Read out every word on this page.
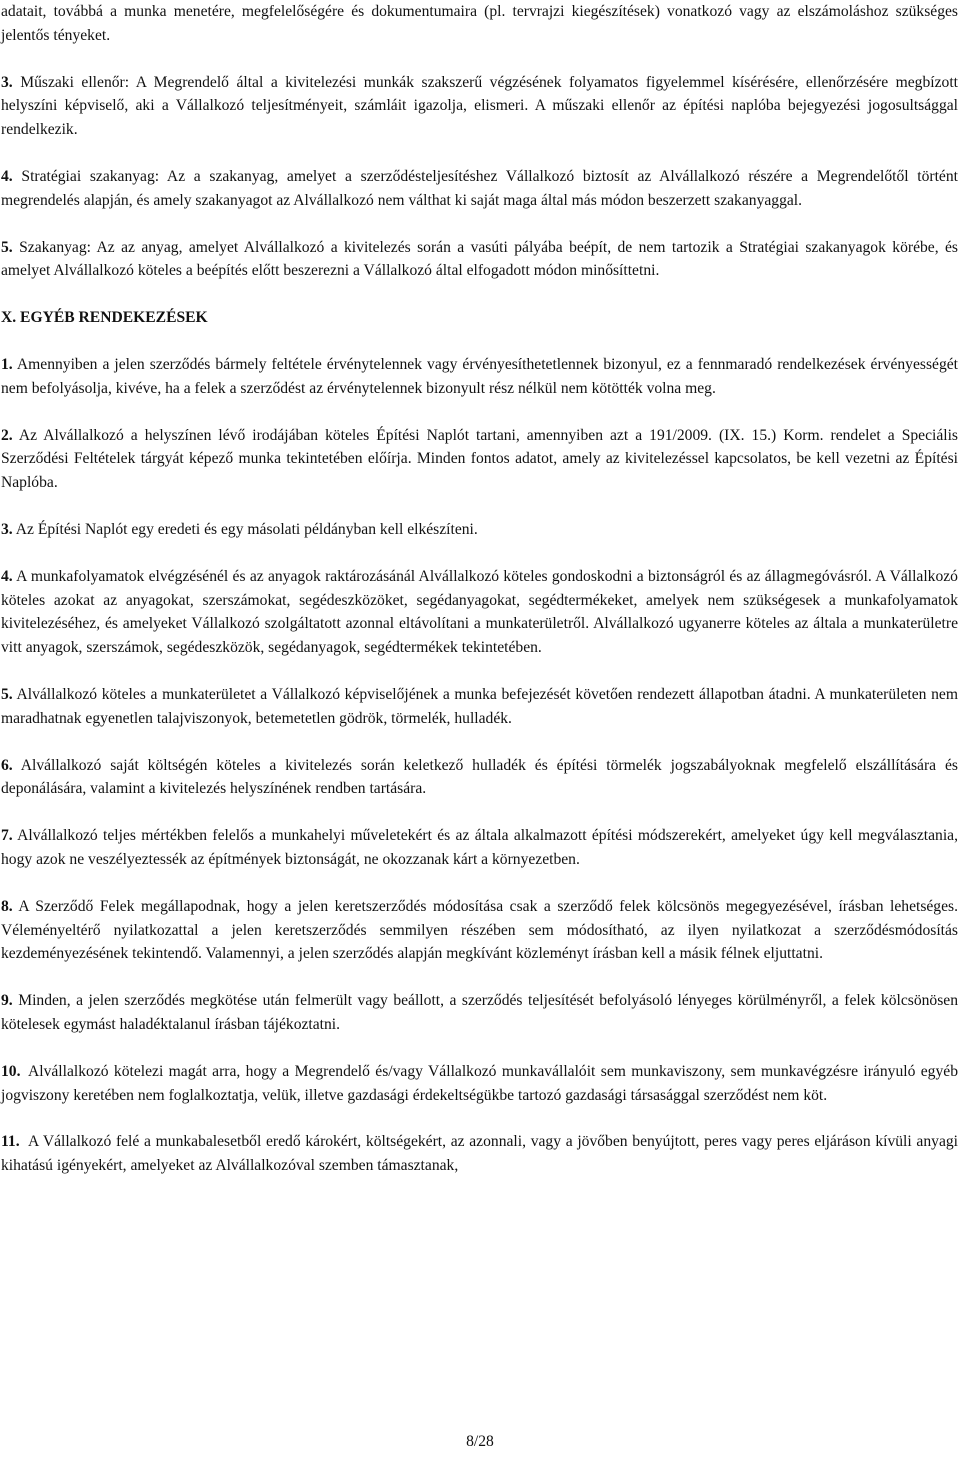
adatait, továbbá a munka menetére, megfelelőségére és dokumentumaira (pl. tervrajzi kiegészítések) vonatkozó vagy az elszámoláshoz szükséges jelentős tényeket.

3. Műszaki ellenőr: A Megrendelő által a kivitelezési munkák szakszerű végzésének folyamatos figyelemmel kísérésére, ellenőrzésére megbízott helyszíni képviselő, aki a Vállalkozó teljesítményeit, számláit igazolja, elismeri. A műszaki ellenőr az építési naplóba bejegyezési jogosultsággal rendelkezik.

4. Stratégiai szakanyag: Az a szakanyag, amelyet a szerződésteljesítéshez Vállalkozó biztosít az Alvállalkozó részére a Megrendelőtől történt megrendelés alapján, és amely szakanyagot az Alvállalkozó nem válthat ki saját maga által más módon beszerzett szakanyaggal.

5. Szakanyag: Az az anyag, amelyet Alvállalkozó a kivitelezés során a vasúti pályába beépít, de nem tartozik a Stratégiai szakanyagok körébe, és amelyet Alvállalkozó köteles a beépítés előtt beszerezni a Vállalkozó által elfogadott módon minősíttetni.

X. EGYÉB RENDEKEZÉSEK

1. Amennyiben a jelen szerződés bármely feltétele érvénytelennek vagy érvényesíthetetlennek bizonyul, ez a fennmaradó rendelkezések érvényességét nem befolyásolja, kivéve, ha a felek a szerződést az érvénytelennek bizonyult rész nélkül nem kötötték volna meg.

2. Az Alvállalkozó a helyszínen lévő irodájában köteles Építési Naplót tartani, amennyiben azt a 191/2009. (IX. 15.) Korm. rendelet a Speciális Szerződési Feltételek tárgyát képező munka tekintetében előírja. Minden fontos adatot, amely az kivitelezéssel kapcsolatos, be kell vezetni az Építési Naplóba.

3. Az Építési Naplót egy eredeti és egy másolati példányban kell elkészíteni.

4. A munkafolyamatok elvégzésénél és az anyagok raktározásánál Alvállalkozó köteles gondoskodni a biztonságról és az állagmegóvásról. A Vállalkozó köteles azokat az anyagokat, szerszámokat, segédeszközöket, segédanyagokat, segédtermékeket, amelyek nem szükségesek a munkafolyamatok kivitelezéséhez, és amelyeket Vállalkozó szolgáltatott azonnal eltávolítani a munkaterületről. Alvállalkozó ugyanerre köteles az általa a munkaterületre vitt anyagok, szerszámok, segédeszközök, segédanyagok, segédtermékek tekintetében.

5. Alvállalkozó köteles a munkaterületet a Vállalkozó képviselőjének a munka befejezését követően rendezett állapotban átadni. A munkaterületen nem maradhatnak egyenetlen talajviszonyok, betemetetlen gödrök, törmelék, hulladék.

6. Alvállalkozó saját költségén köteles a kivitelezés során keletkező hulladék és építési törmelék jogszabályoknak megfelelő elszállítására és deponálására, valamint a kivitelezés helyszínének rendben tartására.

7. Alvállalkozó teljes mértékben felelős a munkahelyi műveletekért és az általa alkalmazott építési módszerekért, amelyeket úgy kell megválasztania, hogy azok ne veszélyeztessék az építmények biztonságát, ne okozzanak kárt a környezetben.

8. A Szerződő Felek megállapodnak, hogy a jelen keretszerződés módosítása csak a szerződő felek kölcsönös megegyezésével, írásban lehetséges. Véleményeltérő nyilatkozattal a jelen keretszerződés semmilyen részében sem módosítható, az ilyen nyilatkozat a szerződésmódosítás kezdeményezésének tekintendő. Valamennyi, a jelen szerződés alapján megkívánt közleményt írásban kell a másik félnek eljuttatni.

9. Minden, a jelen szerződés megkötése után felmerült vagy beállott, a szerződés teljesítését befolyásoló lényeges körülményről, a felek kölcsönösen kötelesek egymást haladéktalanul írásban tájékoztatni.

10. Alvállalkozó kötelezi magát arra, hogy a Megrendelő és/vagy Vállalkozó munkavállalóit sem munkaviszony, sem munkavégzésre irányuló egyéb jogviszony keretében nem foglalkoztatja, velük, illetve gazdasági érdekeltségükbe tartozó gazdasági társasággal szerződést nem köt.

11. A Vállalkozó felé a munkabalesetből eredő károkért, költségekért, az azonnali, vagy a jövőben benyújtott, peres vagy peres eljáráson kívüli anyagi kihatású igényekért, amelyeket az Alvállalkozóval szemben támasztanak,

8/28
